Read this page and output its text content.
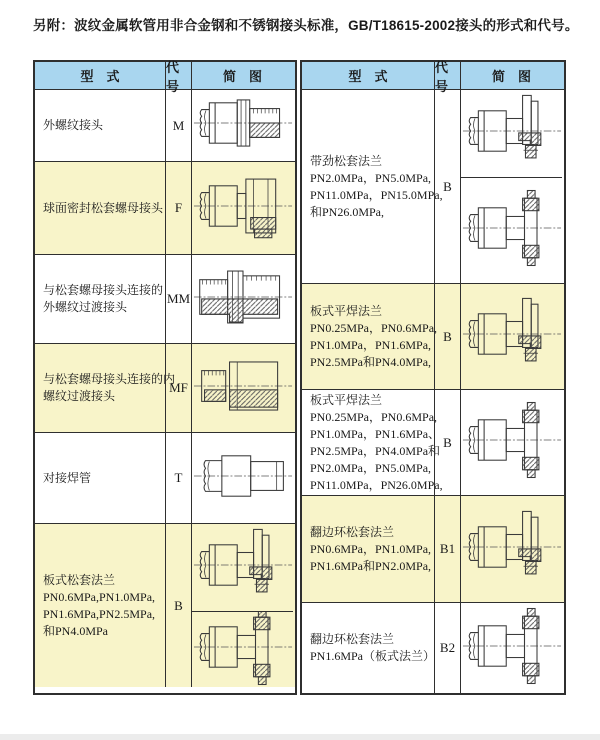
另附：波纹金属软管用非合金钢和不锈钢接头标准，GB/T18615-2002接头的形式和代号。
型　式
代号
简　图
外螺纹接头	M
球面密封松套螺母接头 F
与松套螺母接头连接的
外螺纹过渡接头
MM
与松套螺母接头连接的内
螺纹过渡接头
MF
对接焊管	T
板式松套法兰
PN0.6MPa,PN1.0MPa,
PN1.6MPa,PN2.5MPa,
和PN4.0MPa
B
型　式
代号
简　图
带劲松套法兰
PN2.0MPa，PN5.0MPa,
PN11.0MPa，PN15.0MPa,
和PN26.0MPa,
B
板式平焊法兰
PN0.25MPa，PN0.6MPa,
PN1.0MPa，PN1.6MPa,
PN2.5MPa和PN4.0MPa,
B
板式平焊法兰
PN0.25MPa，PN0.6MPa,
PN1.0MPa，PN1.6MPa、
PN2.5MPa，PN4.0MPa和
PN2.0MPa，PN5.0MPa,
PN11.0MPa，PN26.0MPa,
B
翻边环松套法兰
PN0.6MPa，PN1.0MPa,
PN1.6MPa和PN2.0MPa,
B1
翻边环松套法兰
PN1.6MPa（板式法兰）
B2
